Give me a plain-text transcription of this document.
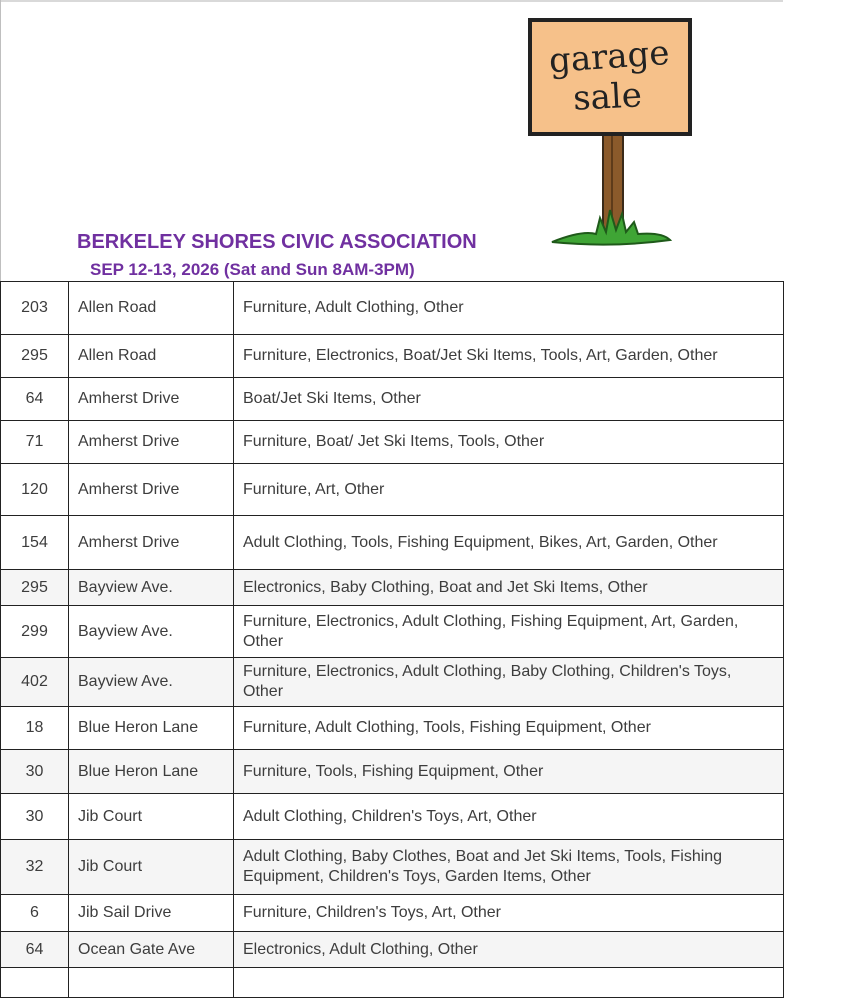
garage
sale
BERKELEY SHORES CIVIC ASSOCIATION
SEP 12-13, 2026 (Sat and Sun 8AM-3PM)
203	Allen Road	Furniture, Adult Clothing, Other
295	Allen Road	Furniture, Electronics, Boat/Jet Ski Items, Tools, Art, Garden, Other
64	Amherst Drive	Boat/Jet Ski Items, Other
71	Amherst Drive	Furniture, Boat/ Jet Ski Items, Tools, Other
120	Amherst Drive	Furniture, Art, Other
154	Amherst Drive	Adult Clothing, Tools, Fishing Equipment, Bikes, Art, Garden, Other
295	Bayview Ave.	Electronics, Baby Clothing, Boat and Jet Ski Items, Other
299	Bayview Ave.	Furniture, Electronics, Adult Clothing, Fishing Equipment, Art, Garden, Other
402	Bayview Ave.	Furniture, Electronics, Adult Clothing, Baby Clothing, Children's Toys, Other
18	Blue Heron Lane	Furniture, Adult Clothing, Tools, Fishing Equipment, Other
30	Blue Heron Lane	Furniture, Tools, Fishing Equipment, Other
30	Jib Court	Adult Clothing, Children's Toys, Art, Other
32	Jib Court	Adult Clothing, Baby Clothes, Boat and Jet Ski Items, Tools, Fishing Equipment, Children's Toys, Garden Items, Other
6	Jib Sail Drive	Furniture, Children's Toys, Art, Other
64	Ocean Gate Ave	Electronics, Adult Clothing, Other
